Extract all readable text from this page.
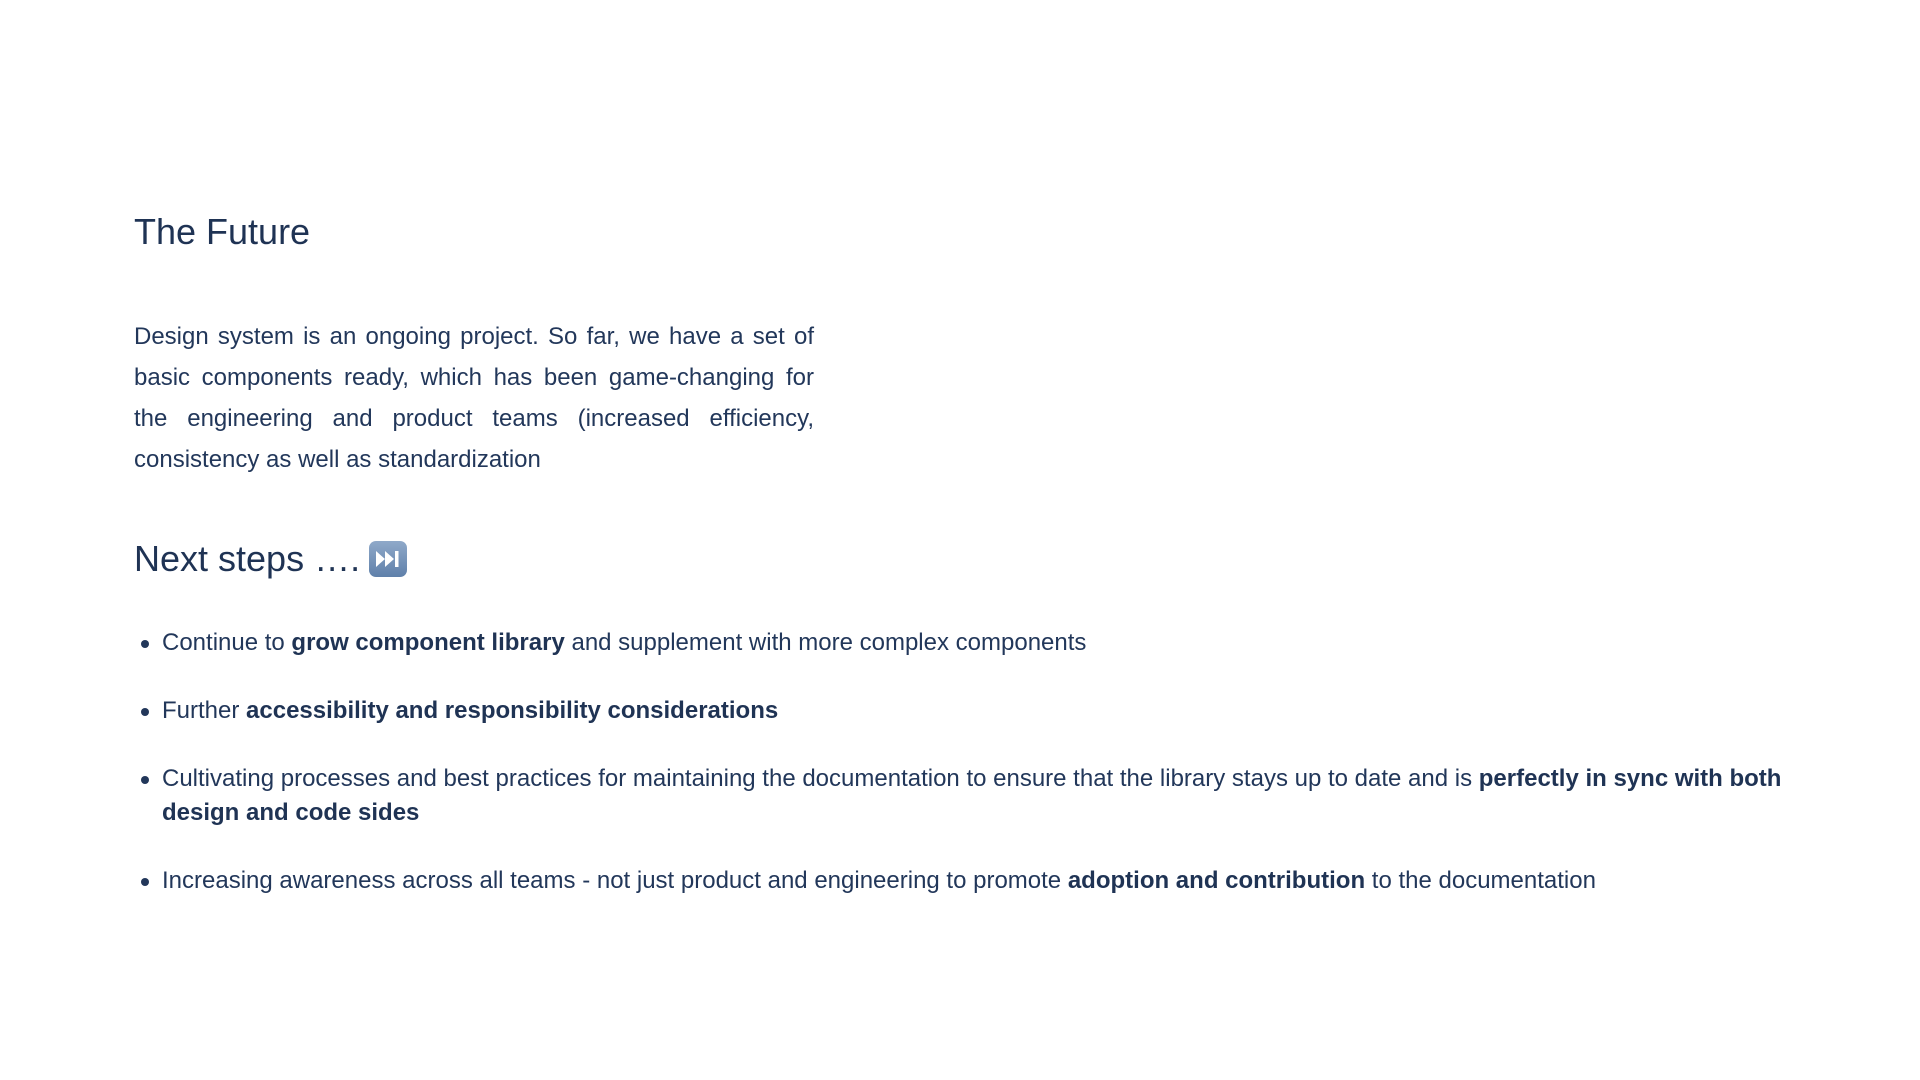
The Future

Design system is an ongoing project. So far, we have a set of basic components ready, which has been game-changing for the engineering and product teams (increased efficiency, consistency as well as standardization

Next steps ….
Continue to grow component library and supplement with more complex components
Further accessibility and responsibility considerations
Cultivating processes and best practices for maintaining the documentation to ensure that the library stays up to date and is perfectly in sync with both design and code sides
Increasing awareness across all teams - not just product and engineering to promote adoption and contribution to the documentation
